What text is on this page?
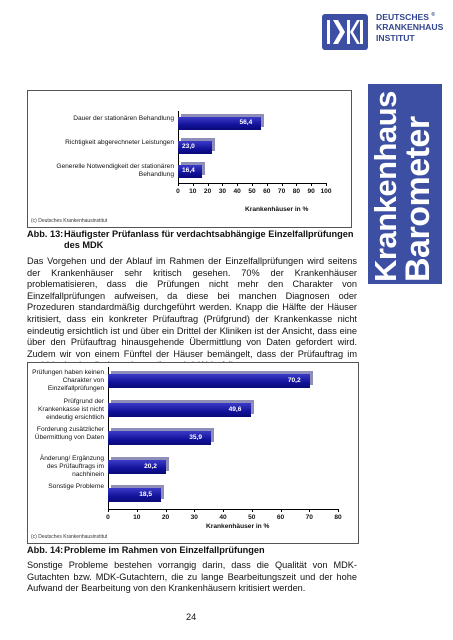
DEUTSCHES ®
KRANKENHAUS
INSTITUT
Krankenhaus
Barometer
Krankenhäuser in %
(c) Deutsches Krankenhausinstitut
0	10	20	30	40	50	60	70	80	90 100
56,4
Dauer der stationären Behandlung
23,0
Richtigkeit abgerechneter Leistungen
16,4
Generelle Notwendigkeit der stationären Behandlung
Abb. 13: Häufigster Prüfanlass für verdachtsabhängige Einzelfallprüfungen des MDK
Das Vorgehen und der Ablauf im Rahmen der Einzelfallprüfungen wird seitens der Krankenhäuser sehr kritisch gesehen. 70% der Krankenhäuser problematisieren, dass die Prüfungen nicht mehr den Charakter von Einzelfallprüfungen aufweisen, da diese bei manchen Diagnosen oder Prozeduren standardmäßig durchgeführt werden. Knapp die Hälfte der Häuser kritisiert, dass ein konkreter Prüfauftrag (Prüfgrund) der Krankenkasse nicht eindeutig ersichtlich ist und über ein Drittel der Kliniken ist der Ansicht, dass eine über den Prüfauftrag hinausgehende Übermittlung von Daten gefordert wird. Zudem wir von einem Fünftel der Häuser bemängelt, dass der Prüfauftrag im
Krankenhäuser in %
(c) Deutsches Krankenhausinstitut
0	10	20	30	40	50	60	70	80
70,2
Prüfungen haben keinen Charakter von Einzelfallprüfungen
49,6
Prüfgrund der Krankenkasse ist nicht eindeutig ersichtlich
35,9
Forderung zusätzlicher Übermittlung von Daten
20,2
Änderung/ Ergänzung des Prüfauftrags im nachhinein
18,5
Sonstige Probleme
Abb. 14: Probleme im Rahmen von Einzelfallprüfungen
Sonstige Probleme bestehen vorrangig darin, dass die Qualität von MDK-Gutachten bzw. MDK-Gutachtern, die zu lange Bearbeitungszeit und der hohe Aufwand der Bearbeitung von den Krankenhäusern kritisiert werden.
24
